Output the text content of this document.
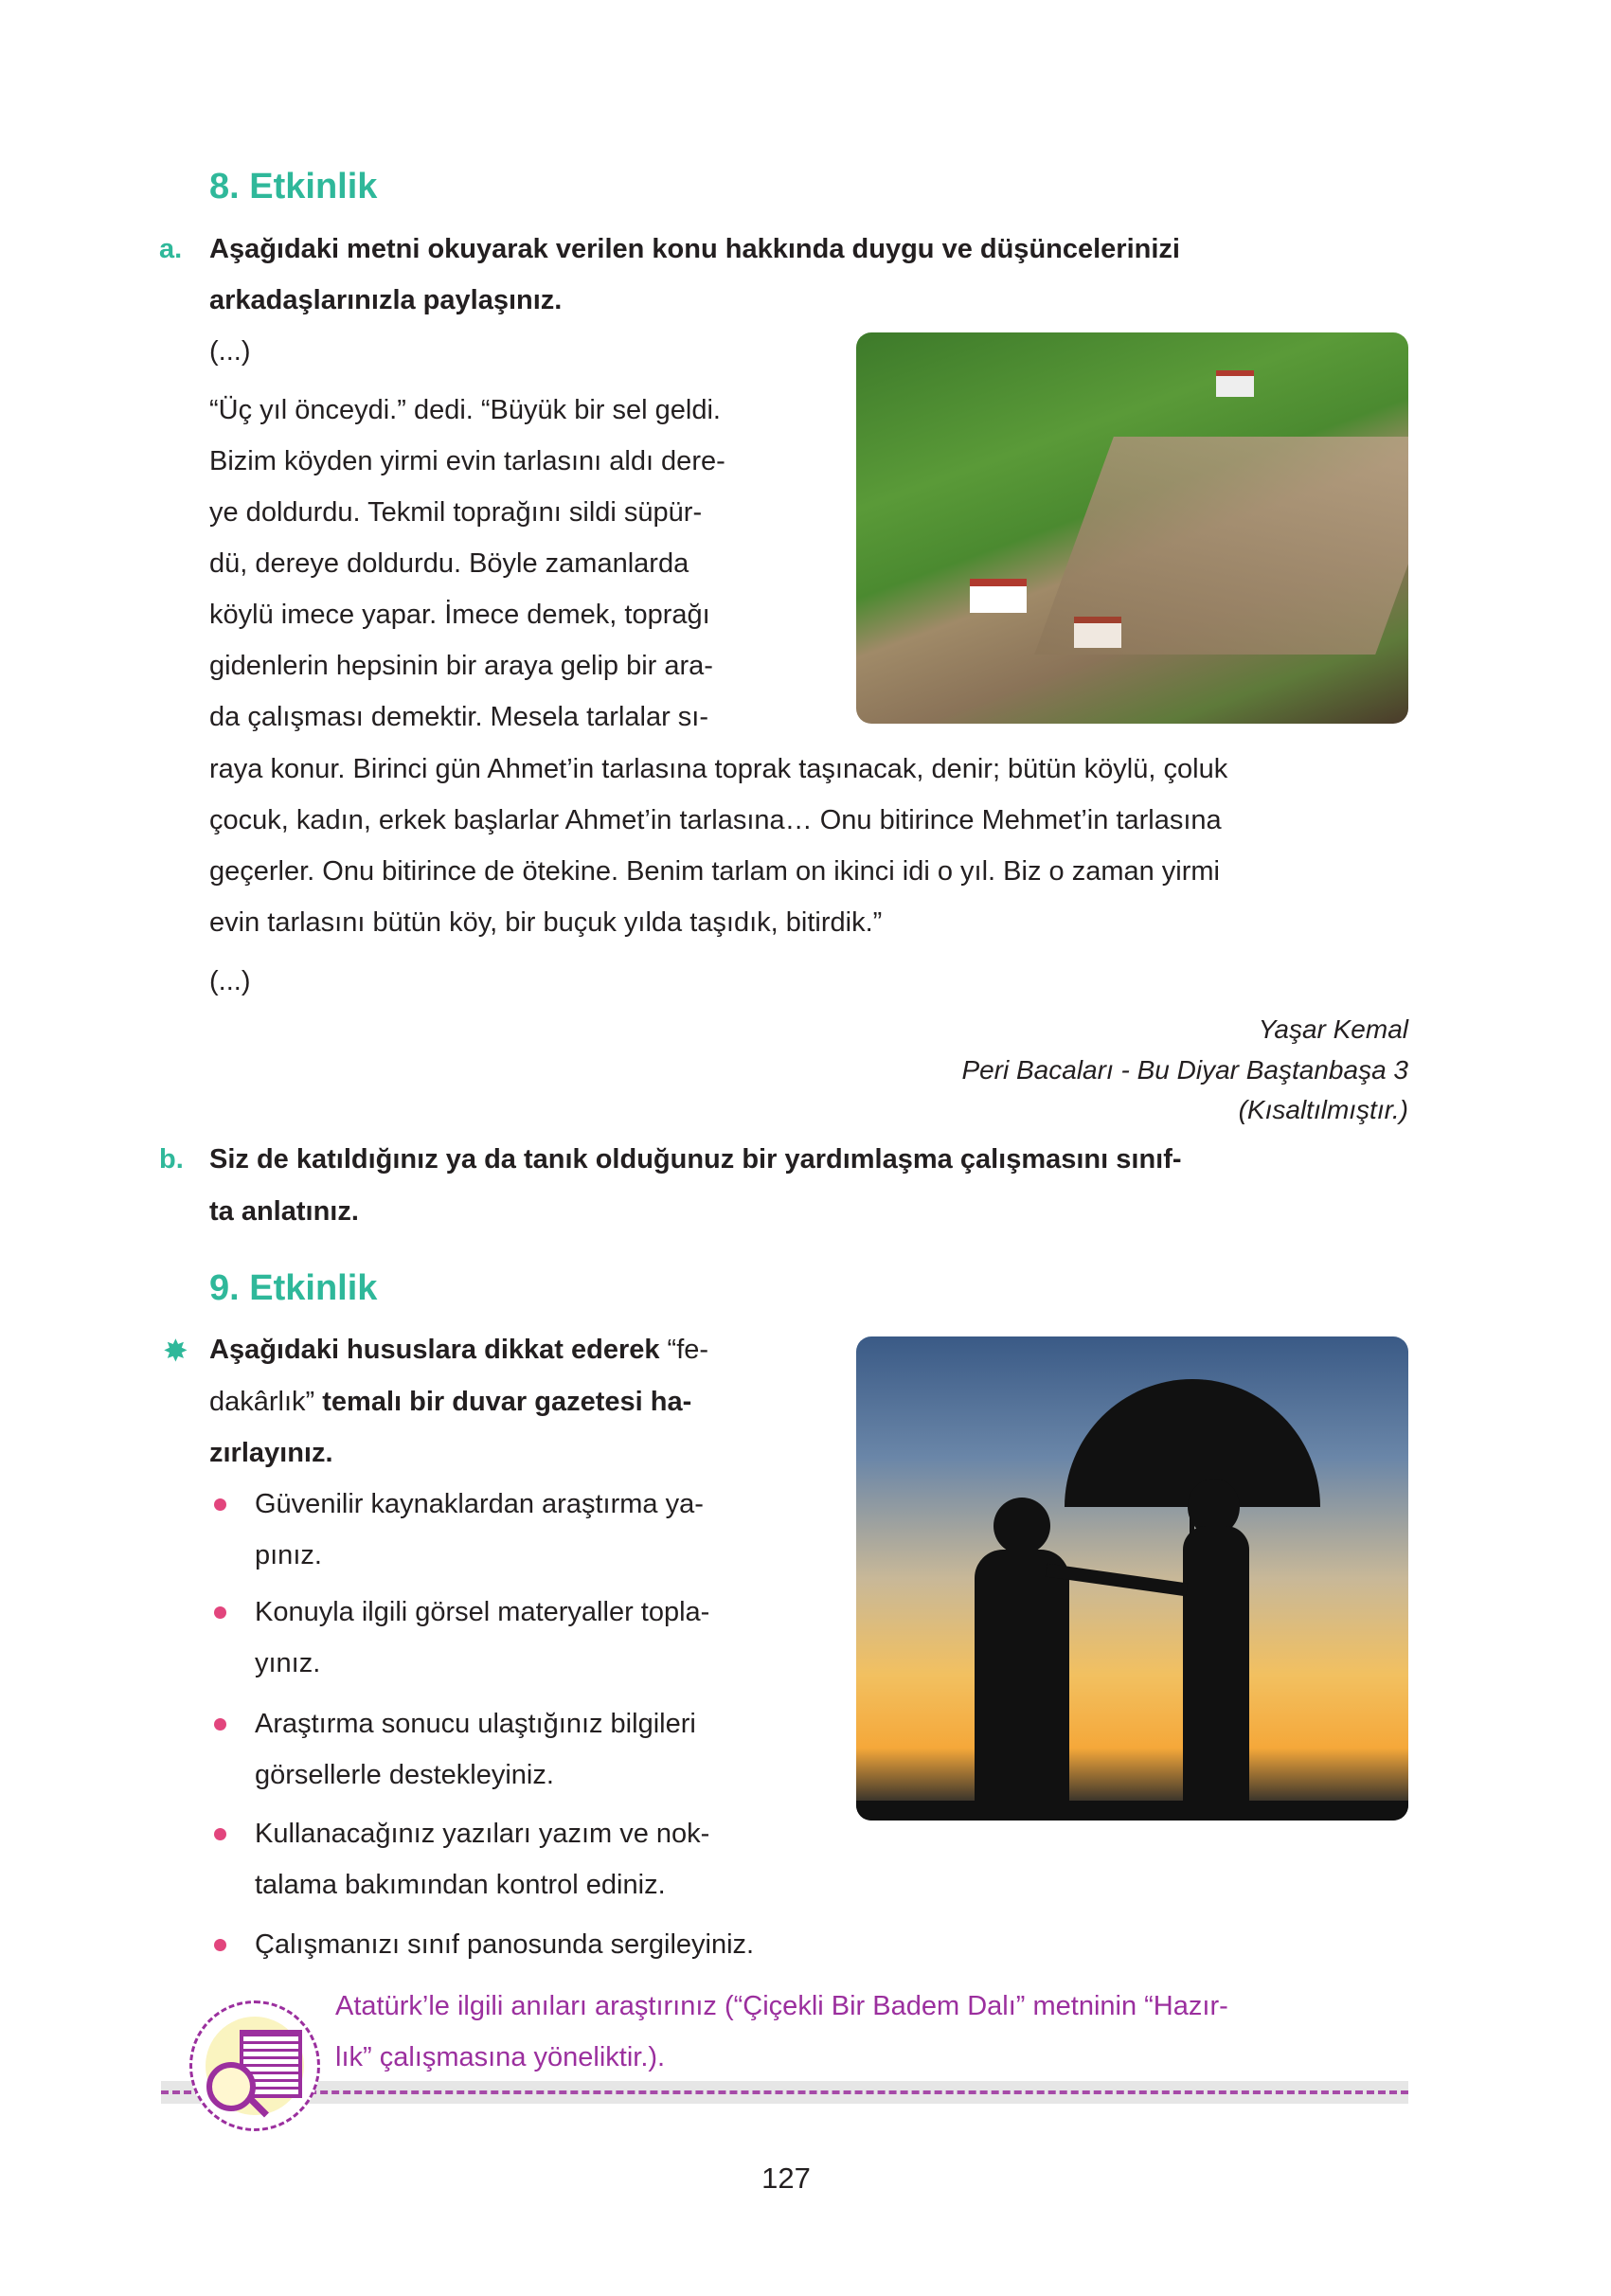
8. Etkinlik
a. Aşağıdaki metni okuyarak verilen konu hakkında duygu ve düşüncelerinizi
arkadaşlarınızla paylaşınız.
(...)
“Üç yıl önceydi.” dedi. “Büyük bir sel geldi.
Bizim köyden yirmi evin tarlasını aldı dere-
ye doldurdu. Tekmil toprağını sildi süpür-
dü, dereye doldurdu. Böyle zamanlarda
köylü imece yapar. İmece demek, toprağı
gidenlerin hepsinin bir araya gelip bir ara-
da çalışması demektir. Mesela tarlalar sı-
raya konur. Birinci gün Ahmet’in tarlasına toprak taşınacak, denir; bütün köylü, çoluk
çocuk, kadın, erkek başlarlar Ahmet’in tarlasına… Onu bitirince Mehmet’in tarlasına
geçerler. Onu bitirince de ötekine. Benim tarlam on ikinci idi o yıl. Biz o zaman yirmi
evin tarlasını bütün köy, bir buçuk yılda taşıdık, bitirdik.”
(...)
Yaşar Kemal
Peri Bacaları - Bu Diyar Baştanbaşa 3
(Kısaltılmıştır.)
b. Siz de katıldığınız ya da tanık olduğunuz bir yardımlaşma çalışmasını sınıf-
ta anlatınız.
9. Etkinlik
✸ Aşağıdaki hususlara dikkat ederek “fe-
dakârlık” temalı bir duvar gazetesi ha-
zırlayınız.
Güvenilir kaynaklardan araştırma ya-
pınız.
Konuyla ilgili görsel materyaller topla-
yınız.
Araştırma sonucu ulaştığınız bilgileri
görsellerle destekleyiniz.
Kullanacağınız yazıları yazım ve nok-
talama bakımından kontrol ediniz.
Çalışmanızı sınıf panosunda sergileyiniz.
Atatürk’le ilgili anıları araştırınız (“Çiçekli Bir Badem Dalı” metninin “Hazır-
lık” çalışmasına yöneliktir.).
127
